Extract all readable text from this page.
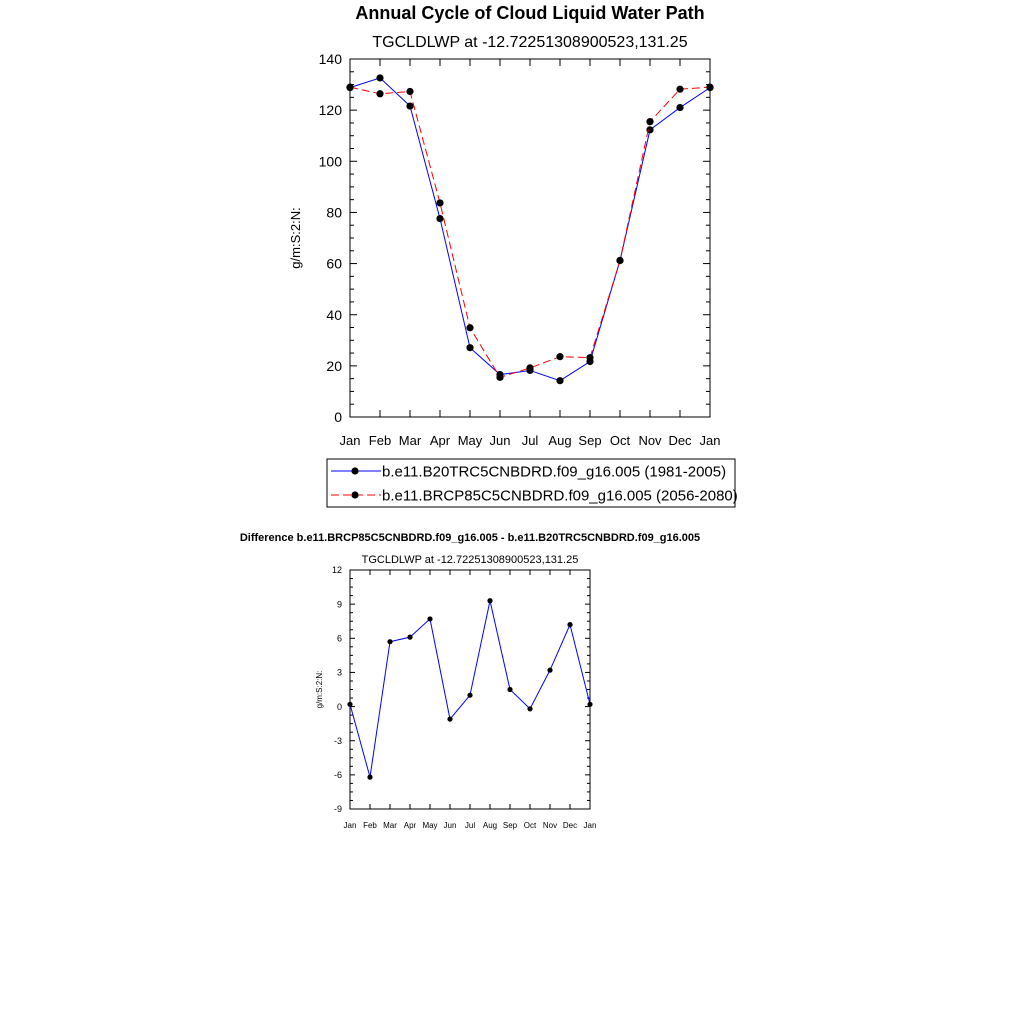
Annual Cycle of Cloud Liquid Water Path
Difference b.e11.BRCP85C5CNBDRD.f09_g16.005 - b.e11.B20TRC5CNBDRD.f09_g16.005
TGCLDLWP at -12.72251308900523,131.25
Jan Feb Mar Apr May Jun Jul Aug Sep Oct Nov Dec Jan
0
20
40
60
80
100
120
140
g/m:S:2:N:
b.e11.B20TRC5CNBDRD.f09_g16.005 (1981-2005)
b.e11.BRCP85C5CNBDRD.f09_g16.005 (2056-2080)
TGCLDLWP at -12.72251308900523,131.25
Jan Feb Mar Apr May Jun Jul Aug Sep Oct Nov Dec Jan
-9
-6
-3
0
3
6
9
12
g/m:S:2:N:
